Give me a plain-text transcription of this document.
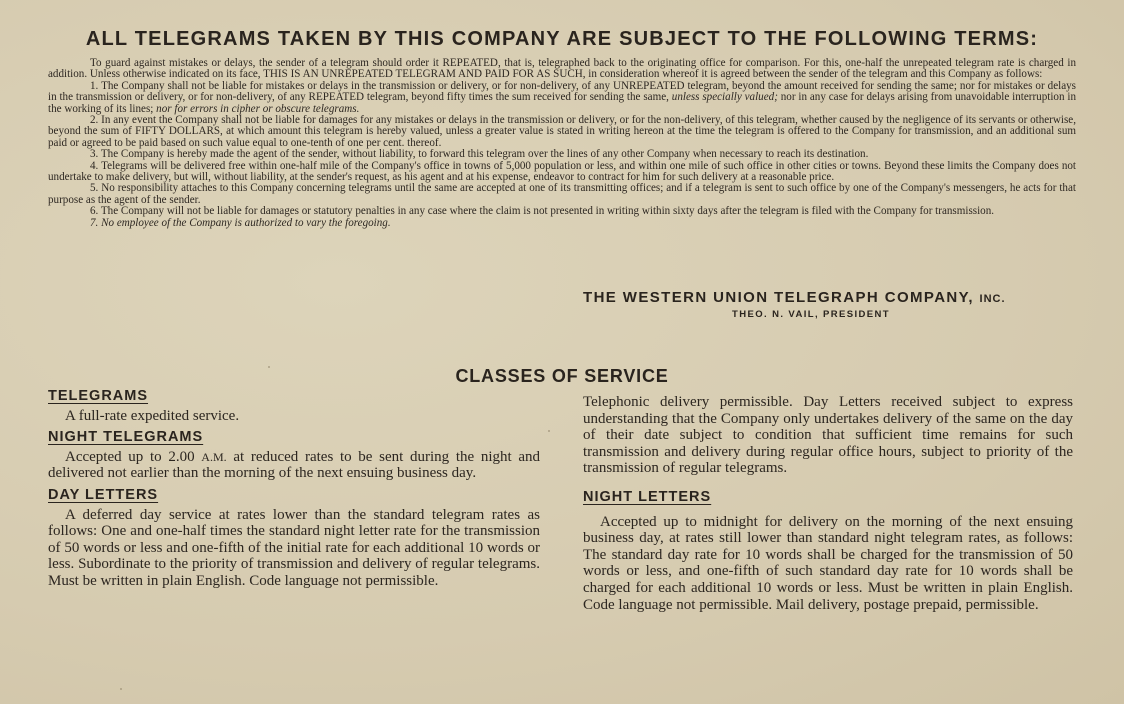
ALL TELEGRAMS TAKEN BY THIS COMPANY ARE SUBJECT TO THE FOLLOWING TERMS:

To guard against mistakes or delays, the sender of a telegram should order it REPEATED, that is, telegraphed back to the originating office for comparison. For this, one-half the unrepeated telegram rate is charged in addition. Unless otherwise indicated on its face, THIS IS AN UNREPEATED TELEGRAM AND PAID FOR AS SUCH, in consideration whereof it is agreed between the sender of the telegram and this Company as follows:

1. The Company shall not be liable for mistakes or delays in the transmission or delivery, or for non-delivery, of any UNREPEATED telegram, beyond the amount received for sending the same; nor for mistakes or delays in the transmission or delivery, or for non-delivery, of any REPEATED telegram, beyond fifty times the sum received for sending the same, unless specially valued; nor in any case for delays arising from unavoidable interruption in the working of its lines; nor for errors in cipher or obscure telegrams.

2. In any event the Company shall not be liable for damages for any mistakes or delays in the transmission or delivery, or for the non-delivery, of this telegram, whether caused by the negligence of its servants or otherwise, beyond the sum of FIFTY DOLLARS, at which amount this telegram is hereby valued, unless a greater value is stated in writing hereon at the time the telegram is offered to the Company for transmission, and an additional sum paid or agreed to be paid based on such value equal to one-tenth of one per cent. thereof.

3. The Company is hereby made the agent of the sender, without liability, to forward this telegram over the lines of any other Company when necessary to reach its destination.

4. Telegrams will be delivered free within one-half mile of the Company's office in towns of 5,000 population or less, and within one mile of such office in other cities or towns. Beyond these limits the Company does not undertake to make delivery, but will, without liability, at the sender's request, as his agent and at his expense, endeavor to contract for him for such delivery at a reasonable price.

5. No responsibility attaches to this Company concerning telegrams until the same are accepted at one of its transmitting offices; and if a telegram is sent to such office by one of the Company's messengers, he acts for that purpose as the agent of the sender.

6. The Company will not be liable for damages or statutory penalties in any case where the claim is not presented in writing within sixty days after the telegram is filed with the Company for transmission.

7. No employee of the Company is authorized to vary the foregoing.

THE WESTERN UNION TELEGRAPH COMPANY, INC.
THEO. N. VAIL, PRESIDENT
CLASSES OF SERVICE
TELEGRAMS

A full-rate expedited service.

NIGHT TELEGRAMS

Accepted up to 2.00 A.M. at reduced rates to be sent during the night and delivered not earlier than the morning of the next ensuing business day.

DAY LETTERS

A deferred day service at rates lower than the standard telegram rates as follows: One and one-half times the standard night letter rate for the transmission of 50 words or less and one-fifth of the initial rate for each additional 10 words or less. Subordinate to the priority of transmission and delivery of regular telegrams. Must be written in plain English. Code language not permissible.

Telephonic delivery permissible. Day Letters received subject to express understanding that the Company only undertakes delivery of the same on the day of their date subject to condition that sufficient time remains for such transmission and delivery during regular office hours, subject to priority of the transmission of regular telegrams.

NIGHT LETTERS

Accepted up to midnight for delivery on the morning of the next ensuing business day, at rates still lower than standard night telegram rates, as follows: The standard day rate for 10 words shall be charged for the transmission of 50 words or less, and one-fifth of such standard day rate for 10 words shall be charged for each additional 10 words or less. Must be written in plain English. Code language not permissible. Mail delivery, postage prepaid, permissible.
